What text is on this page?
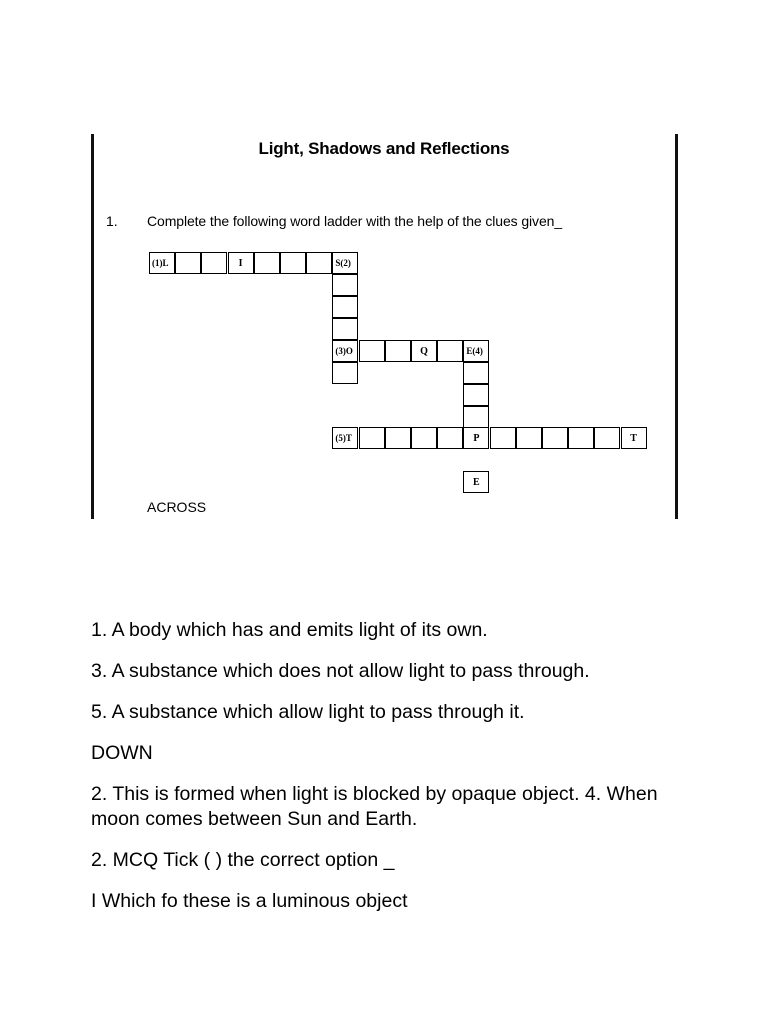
Light, Shadows and Reflections
1. Complete the following word ladder with the help of the clues given_
(1)L	I	S(2)
(3)O	Q	E(4)
(5)T	P	T
E
ACROSS

1. A body which has and emits light of its own.

3. A substance which does not allow light to pass through.

5. A substance which allow light to pass through it.

DOWN

2. This is formed when light is blocked by opaque object. 4. When moon comes between Sun and Earth.

2. MCQ Tick ( ) the correct option _

I Which fo these is a luminous object
